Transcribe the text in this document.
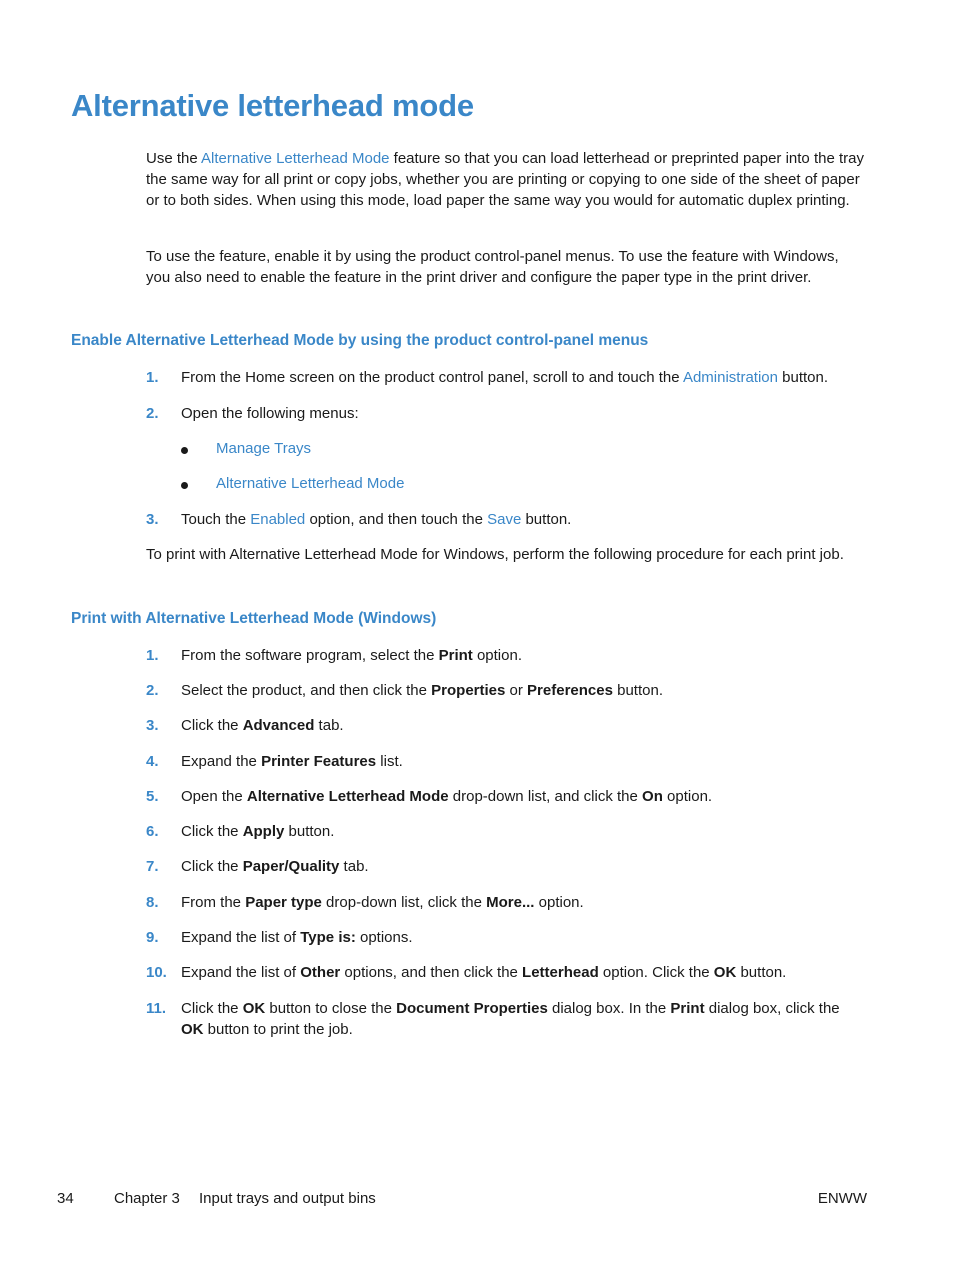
Alternative letterhead mode

Use the Alternative Letterhead Mode feature so that you can load letterhead or preprinted paper into the tray the same way for all print or copy jobs, whether you are printing or copying to one side of the sheet of paper or to both sides. When using this mode, load paper the same way you would for automatic duplex printing.

To use the feature, enable it by using the product control-panel menus. To use the feature with Windows, you also need to enable the feature in the print driver and configure the paper type in the print driver.

Enable Alternative Letterhead Mode by using the product control-panel menus
1. From the Home screen on the product control panel, scroll to and touch the Administration button.
2. Open the following menus:
Manage Trays
Alternative Letterhead Mode
3. Touch the Enabled option, and then touch the Save button.

To print with Alternative Letterhead Mode for Windows, perform the following procedure for each print job.

Print with Alternative Letterhead Mode (Windows)
1. From the software program, select the Print option.
2. Select the product, and then click the Properties or Preferences button.
3. Click the Advanced tab.
4. Expand the Printer Features list.
5. Open the Alternative Letterhead Mode drop-down list, and click the On option.
6. Click the Apply button.
7. Click the Paper/Quality tab.
8. From the Paper type drop-down list, click the More... option.
9. Expand the list of Type is: options.
10. Expand the list of Other options, and then click the Letterhead option. Click the OK button.
11. Click the OK button to close the Document Properties dialog box. In the Print dialog box, click the OK button to print the job.
34	Chapter 3 Input trays and output bins	ENWW
